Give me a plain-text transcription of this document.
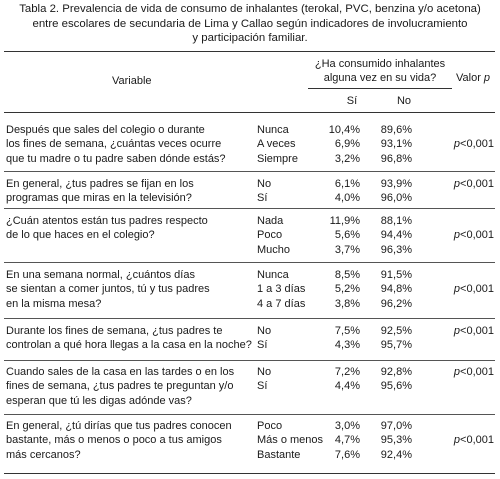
Tabla 2. Prevalencia de vida de consumo de inhalantes (terokal, PVC, benzina y/o acetona)
entre escolares de secundaria de Lima y Callao según indicadores de involucramiento
y participación familiar.
Variable
¿Ha consumido inhalantes
alguna vez en su vida?
Sí	No
Valor p
Después que sales del colegio o durante
los fines de semana, ¿cuántas veces ocurre
que tu madre o tu padre saben dónde estás?
Nunca	10,4%	89,6%
A veces	6,9%	93,1%
Siempre	3,2%	96,8%
p<0,001
En general, ¿tus padres se fijan en los
programas que miras en la televisión?
No	6,1%	93,9%
Sí	4,0%	96,0%
p<0,001
¿Cuán atentos están tus padres respecto
de lo que haces en el colegio?
Nada	11,9%	88,1%
Poco	5,6%	94,4%
Mucho	3,7%	96,3%
p<0,001
En una semana normal, ¿cuántos días
se sientan a comer juntos, tú y tus padres
en la misma mesa?
Nunca	8,5%	91,5%
1 a 3 días	5,2%	94,8%
4 a 7 días	3,8%	96,2%
p<0,001
Durante los fines de semana, ¿tus padres te
controlan a qué hora llegas a la casa en la noche?
No	7,5%	92,5%
Sí	4,3%	95,7%
p<0,001
Cuando sales de la casa en las tardes o en los
fines de semana, ¿tus padres te preguntan y/o
esperan que tú les digas adónde vas?
No	7,2%	92,8%
Sí	4,4%	95,6%
p<0,001
En general, ¿tú dirías que tus padres conocen
bastante, más o menos o poco a tus amigos
más cercanos?
Poco	3,0%	97,0%
Más o menos	4,7%	95,3%
Bastante	7,6%	92,4%
p<0,001
